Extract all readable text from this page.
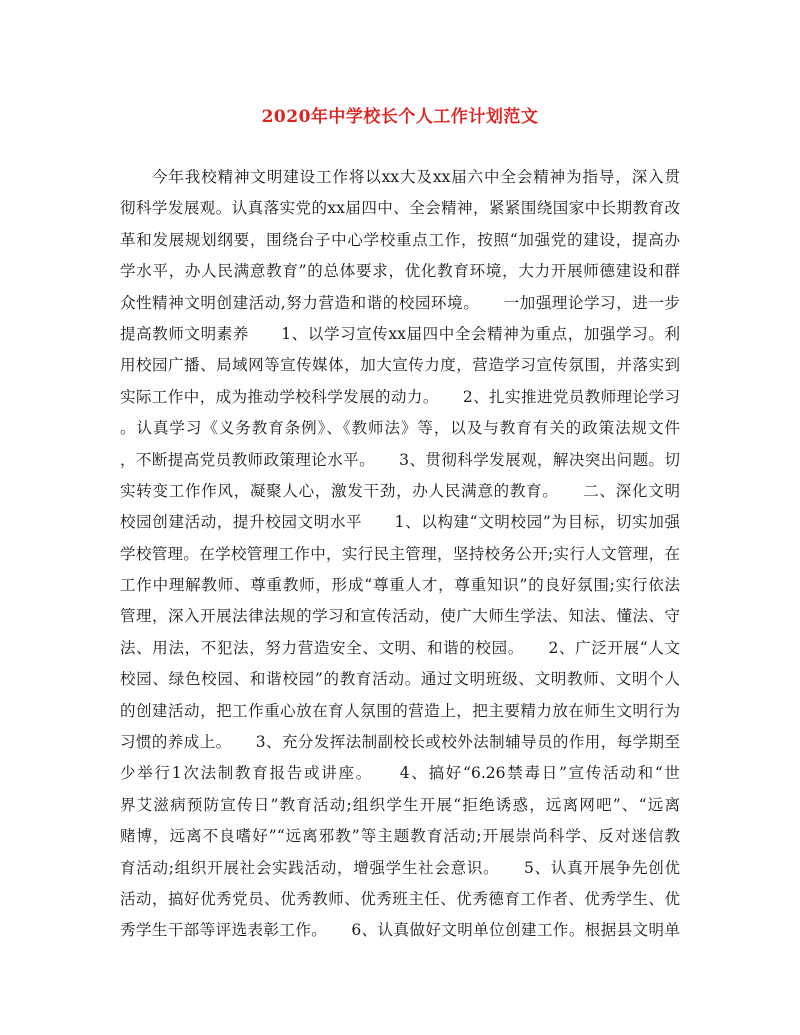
2020年中学校长个人工作计划范文
今年我校精神文明建设工作将以xx大及xx届六中全会精神为指导，深入贯
彻科学发展观。认真落实党的xx届四中、全会精神，紧紧围绕国家中长期教育改
革和发展规划纲要，围绕台子中心学校重点工作，按照“加强党的建设，提高办
学水平，办人民满意教育”的总体要求，优化教育环境，大力开展师德建设和群
众性精神文明创建活动,努力营造和谐的校园环境。　　一加强理论学习，进一步
提高教师文明素养　　1、以学习宣传xx届四中全会精神为重点，加强学习。利
用校园广播、局域网等宣传媒体，加大宣传力度，营造学习宣传氛围，并落实到
实际工作中，成为推动学校科学发展的动力。　　2、扎实推进党员教师理论学习
。认真学习《义务教育条例》、《教师法》等，以及与教育有关的政策法规文件
，不断提高党员教师政策理论水平。　　3、贯彻科学发展观，解决突出问题。切
实转变工作作风，凝聚人心，激发干劲，办人民满意的教育。　　二、深化文明
校园创建活动，提升校园文明水平　　1、以构建“文明校园”为目标，切实加强
学校管理。在学校管理工作中，实行民主管理，坚持校务公开;实行人文管理，在
工作中理解教师、尊重教师，形成“尊重人才，尊重知识”的良好氛围;实行依法
管理，深入开展法律法规的学习和宣传活动，使广大师生学法、知法、懂法、守
法、用法，不犯法，努力营造安全、文明、和谐的校园。　　2、广泛开展“人文
校园、绿色校园、和谐校园”的教育活动。通过文明班级、文明教师、文明个人
的创建活动，把工作重心放在育人氛围的营造上，把主要精力放在师生文明行为
习惯的养成上。　　3、充分发挥法制副校长或校外法制辅导员的作用，每学期至
少举行1次法制教育报告或讲座。　　4、搞好“6.26禁毒日”宣传活动和“世
界艾滋病预防宣传日”教育活动;组织学生开展“拒绝诱惑，远离网吧”、“远离
赌博，远离不良嗜好”“远离邪教”等主题教育活动;开展崇尚科学、反对迷信教
育活动;组织开展社会实践活动，增强学生社会意识。　　5、认真开展争先创优
活动，搞好优秀党员、优秀教师、优秀班主任、优秀德育工作者、优秀学生、优
秀学生干部等评选表彰工作。　　6、认真做好文明单位创建工作。根据县文明单
